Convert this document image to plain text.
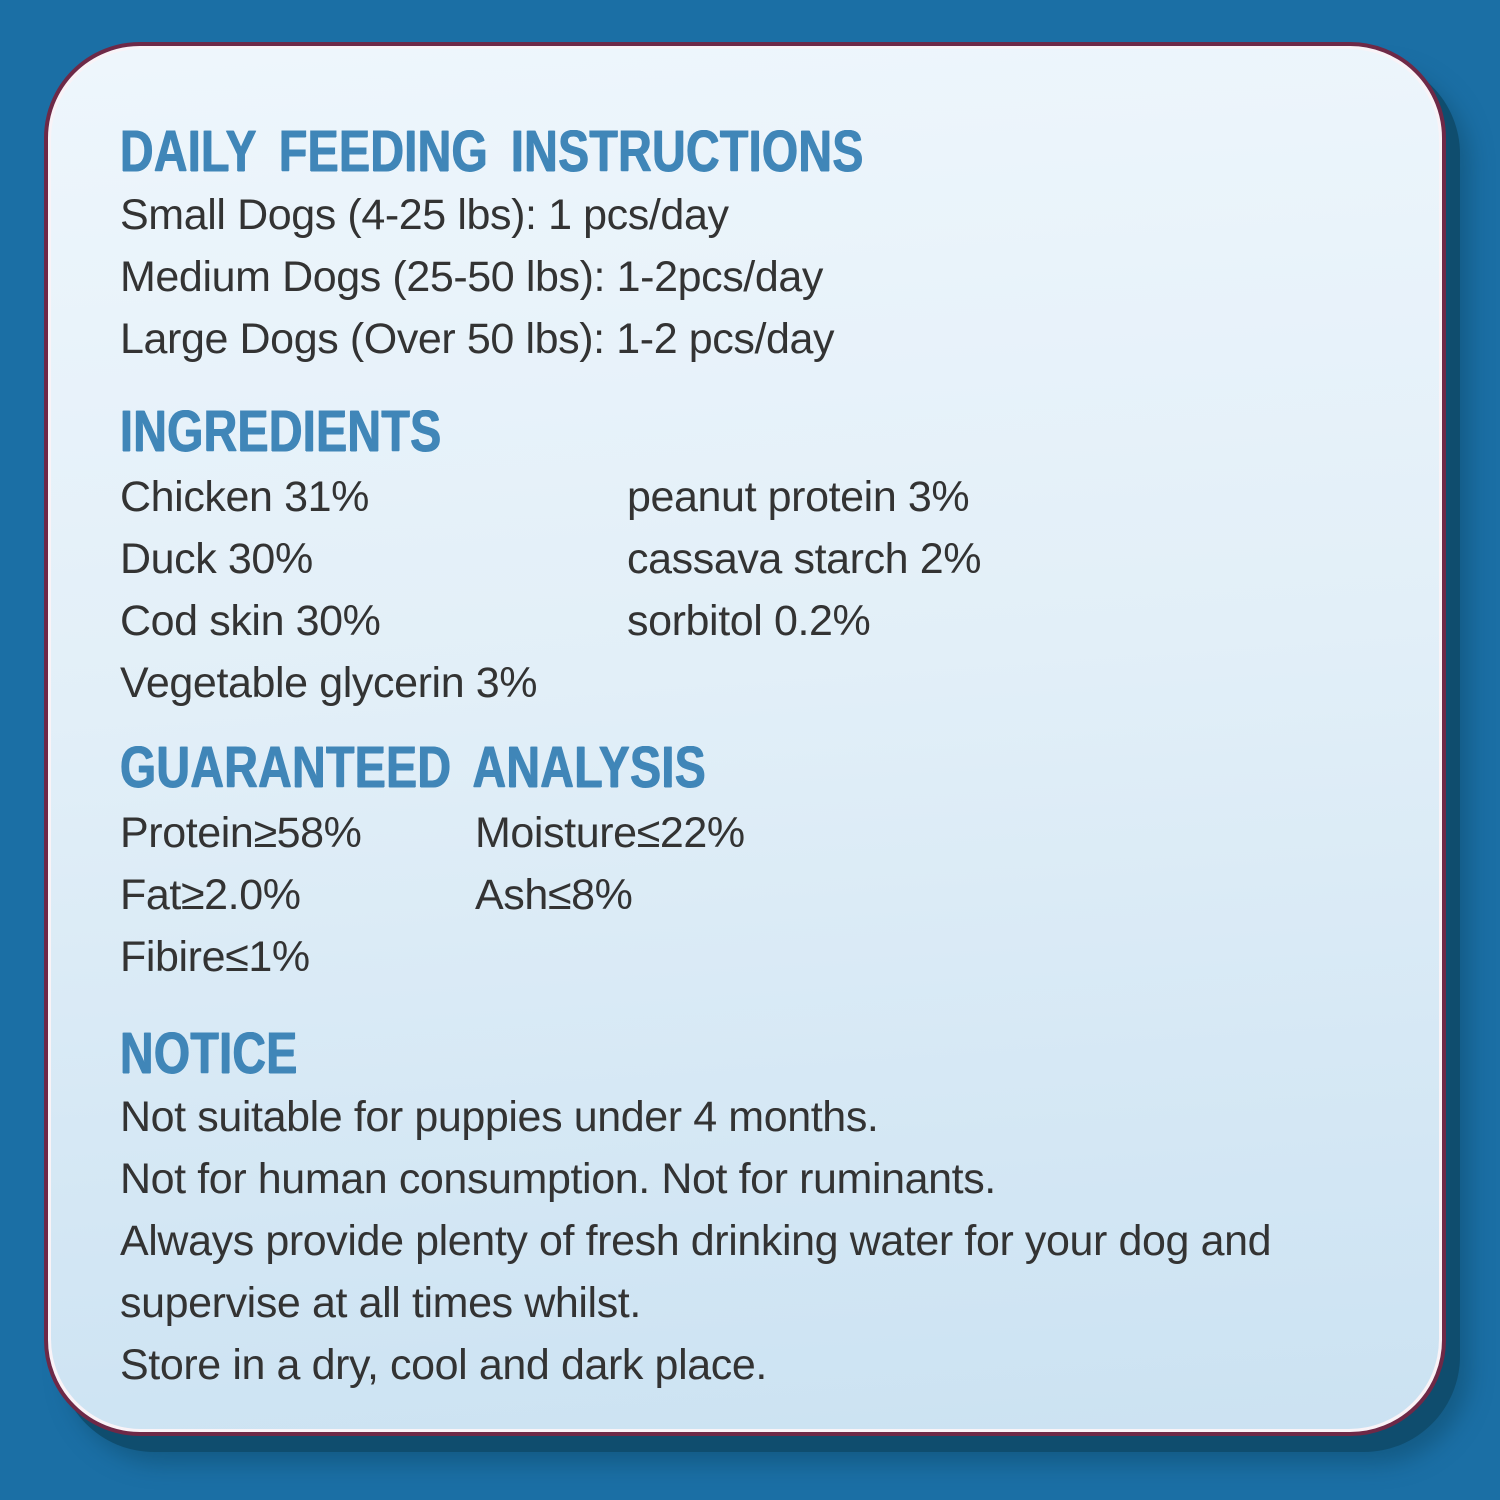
DAILY FEEDING INSTRUCTIONS
Small Dogs (4-25 lbs): 1 pcs/day
Medium Dogs (25-50 lbs): 1-2pcs/day
Large Dogs (Over 50 lbs): 1-2 pcs/day
INGREDIENTS
Chicken 31%
Duck 30%
Cod skin 30%
Vegetable glycerin 3%
peanut protein 3%
cassava starch 2%
sorbitol 0.2%
GUARANTEED ANALYSIS
Protein≥58%
Fat≥2.0%
Fibire≤1%
Moisture≤22%
Ash≤8%
NOTICE
Not suitable for puppies under 4 months.
Not for human consumption. Not for ruminants.
Always provide plenty of fresh drinking water for your dog and
supervise at all times whilst.
Store in a dry, cool and dark place.
